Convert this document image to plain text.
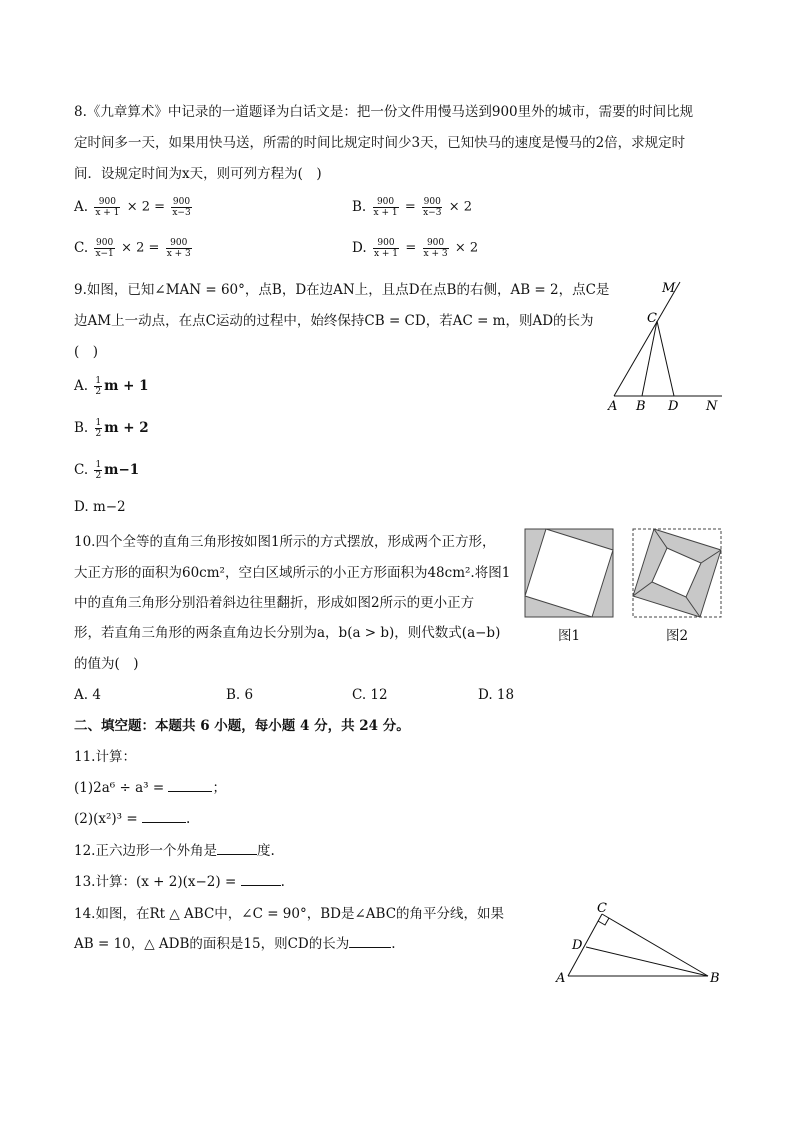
8.《九章算术》中记录的一道题译为白话文是：把一份文件用慢马送到900里外的城市，需要的时间比规
定时间多一天，如果用快马送，所需的时间比规定时间少3天，已知快马的速度是慢马的2倍，求规定时
间．设规定时间为x天，则可列方程为(　)
A. $\frac{900}{x + 1} \times 2 = \frac{900}{x-3}$	B. $\frac{900}{x + 1} = \frac{900}{x-3} \times 2$
C. $\frac{900}{x-1} \times 2 = \frac{900}{x + 3}$	D. $\frac{900}{x + 1} = \frac{900}{x + 3} \times 2$
9.如图，已知∠MAN = 60°，点B，D在边AN上，且点D在点B的右侧，AB = 2，点C是
边AM上一动点，在点C运动的过程中，始终保持CB = CD，若AC = m，则AD的长为
(　)
A. $\frac{1}{2}$ m + 1
B. $\frac{1}{2}$ m + 2
C. $\frac{1}{2} m-1$
D. m−2
M
C
A B D N
10.四个全等的直角三角形按如图1所示的方式摆放，形成两个正方形，
大正方形的面积为60cm²，空白区域所示的小正方形面积为48cm².将图1
中的直角三角形分别沿着斜边往里翻折，形成如图2所示的更小正方
形，若直角三角形的两条直角边长分别为a，b(a > b)，则代数式(a−b)
的值为(　)
图1	图2
A. 4	B. 6	C. 12	D. 18
二、填空题：本题共 6 小题，每小题 4 分，共 24 分。
11.计算：
(1)2a⁶ ÷ a³ =	；
(2)(x²)³ =	.
12.正六边形一个外角是	度.
13.计算：(x + 2)(x−2) =	.
14.如图，在Rt △ ABC中，∠C = 90°，BD是∠ABC的角平分线，如果
AB = 10，△ ADB的面积是15，则CD的长为	.
C
D
A	B
